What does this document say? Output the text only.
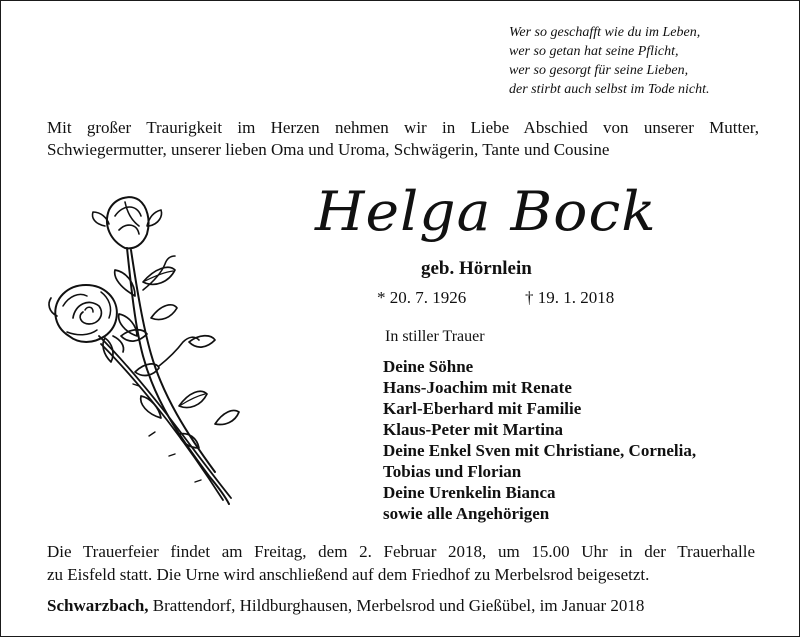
Wer so geschafft wie du im Leben,
wer so getan hat seine Pflicht,
wer so gesorgt für seine Lieben,
der stirbt auch selbst im Tode nicht.
Mit großer Traurigkeit im Herzen nehmen wir in Liebe Abschied von unserer Mutter,
Schwiegermutter, unserer lieben Oma und Uroma, Schwägerin, Tante und Cousine
Helga Bock
geb. Hörnlein
* 20. 7. 1926	† 19. 1. 2018
In stiller Trauer
Deine Söhne
Hans-Joachim mit Renate
Karl-Eberhard mit Familie
Klaus-Peter mit Martina
Deine Enkel Sven mit Christiane, Cornelia,
Tobias und Florian
Deine Urenkelin Bianca
sowie alle Angehörigen
Die Trauerfeier findet am Freitag, dem 2. Februar 2018, um 15.00 Uhr in der Trauerhalle
zu Eisfeld statt. Die Urne wird anschließend auf dem Friedhof zu Merbelsrod beigesetzt.
Schwarzbach, Brattendorf, Hildburghausen, Merbelsrod und Gießübel, im Januar 2018
